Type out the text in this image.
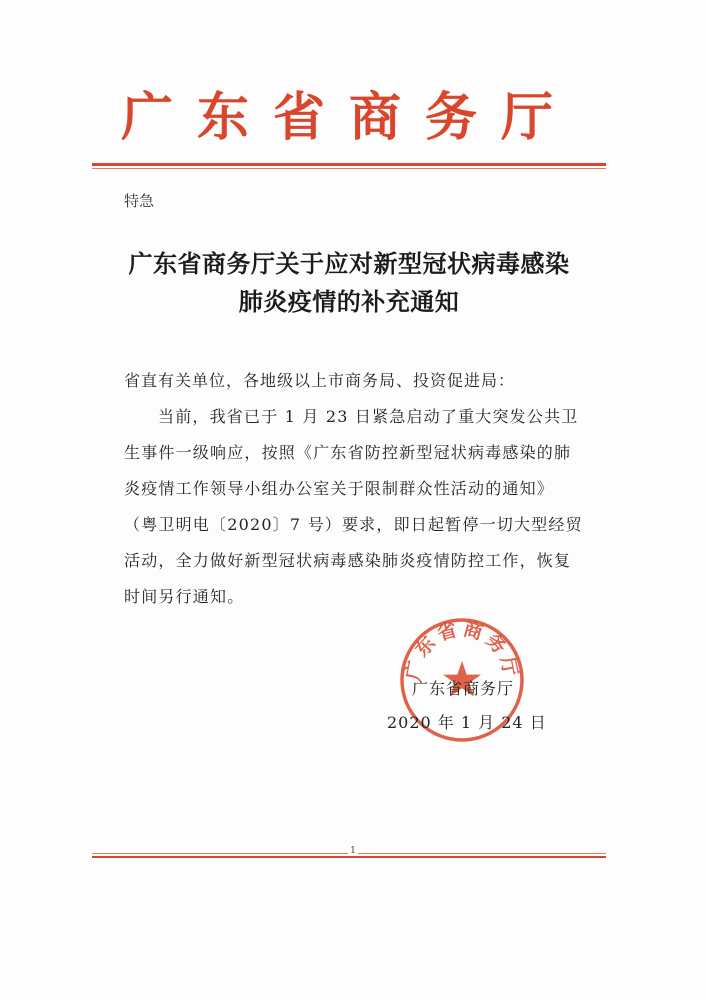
广东省商务厅
特急
广东省商务厅关于应对新型冠状病毒感染
肺炎疫情的补充通知
省直有关单位，各地级以上市商务局、投资促进局：
当前，我省已于 1 月 23 日紧急启动了重大突发公共卫
生事件一级响应，按照《广东省防控新型冠状病毒感染的肺
炎疫情工作领导小组办公室关于限制群众性活动的通知》
（粤卫明电〔2020〕7 号）要求，即日起暂停一切大型经贸
活动，全力做好新型冠状病毒感染肺炎疫情防控工作，恢复
时间另行通知。
广东省商务厅
广东省商务厅
2020 年 1 月 24 日
1
